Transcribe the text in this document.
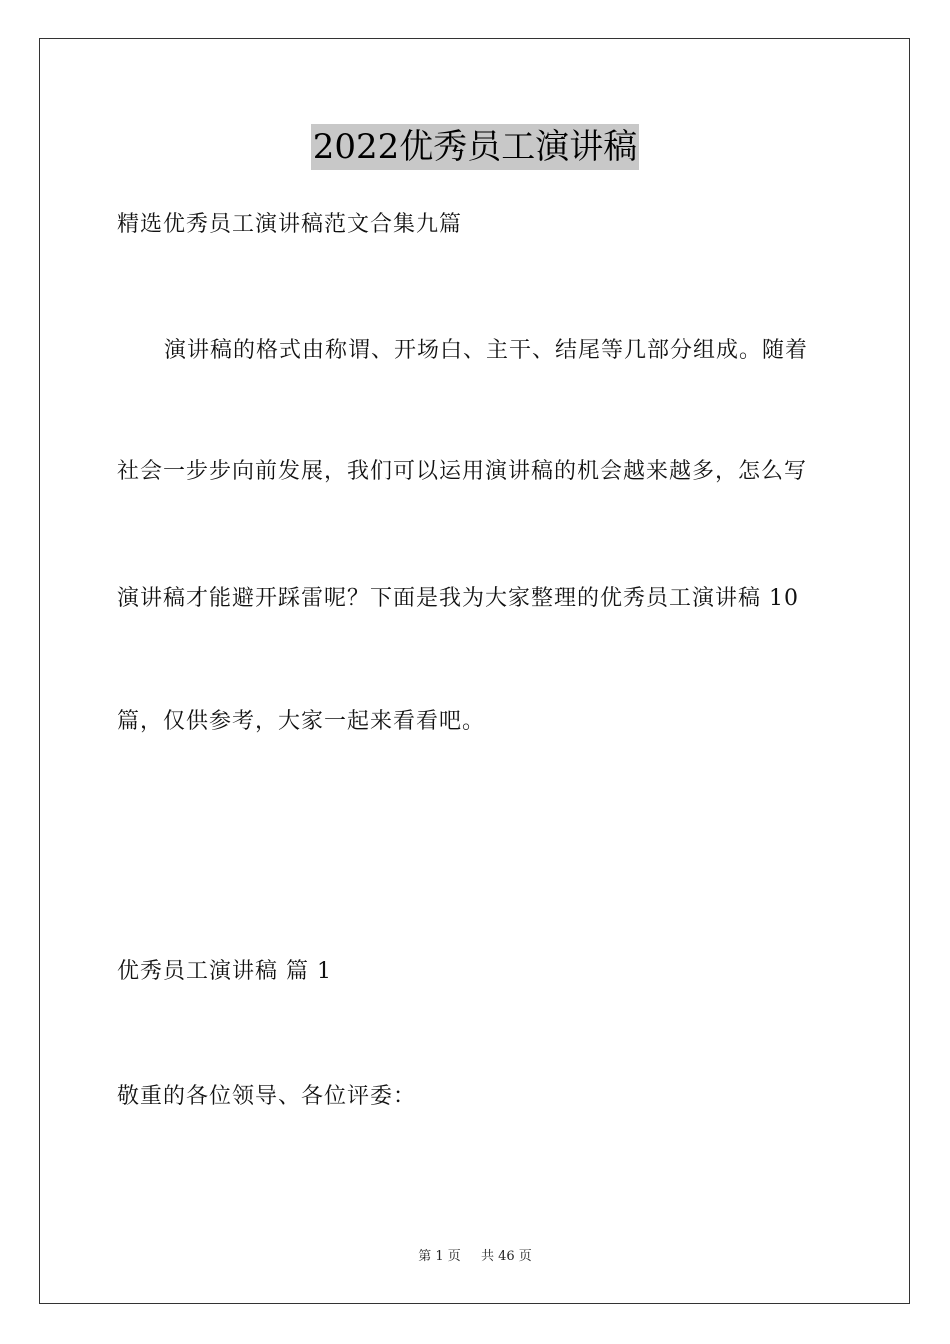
2022优秀员工演讲稿
精选优秀员工演讲稿范文合集九篇
演讲稿的格式由称谓、开场白、主干、结尾等几部分组成。随着
社会一步步向前发展，我们可以运用演讲稿的机会越来越多，怎么写
演讲稿才能避开踩雷呢？下面是我为大家整理的优秀员工演讲稿 10
篇，仅供参考，大家一起来看看吧。
优秀员工演讲稿 篇 1
敬重的各位领导、各位评委：
第 1 页 共 46 页
